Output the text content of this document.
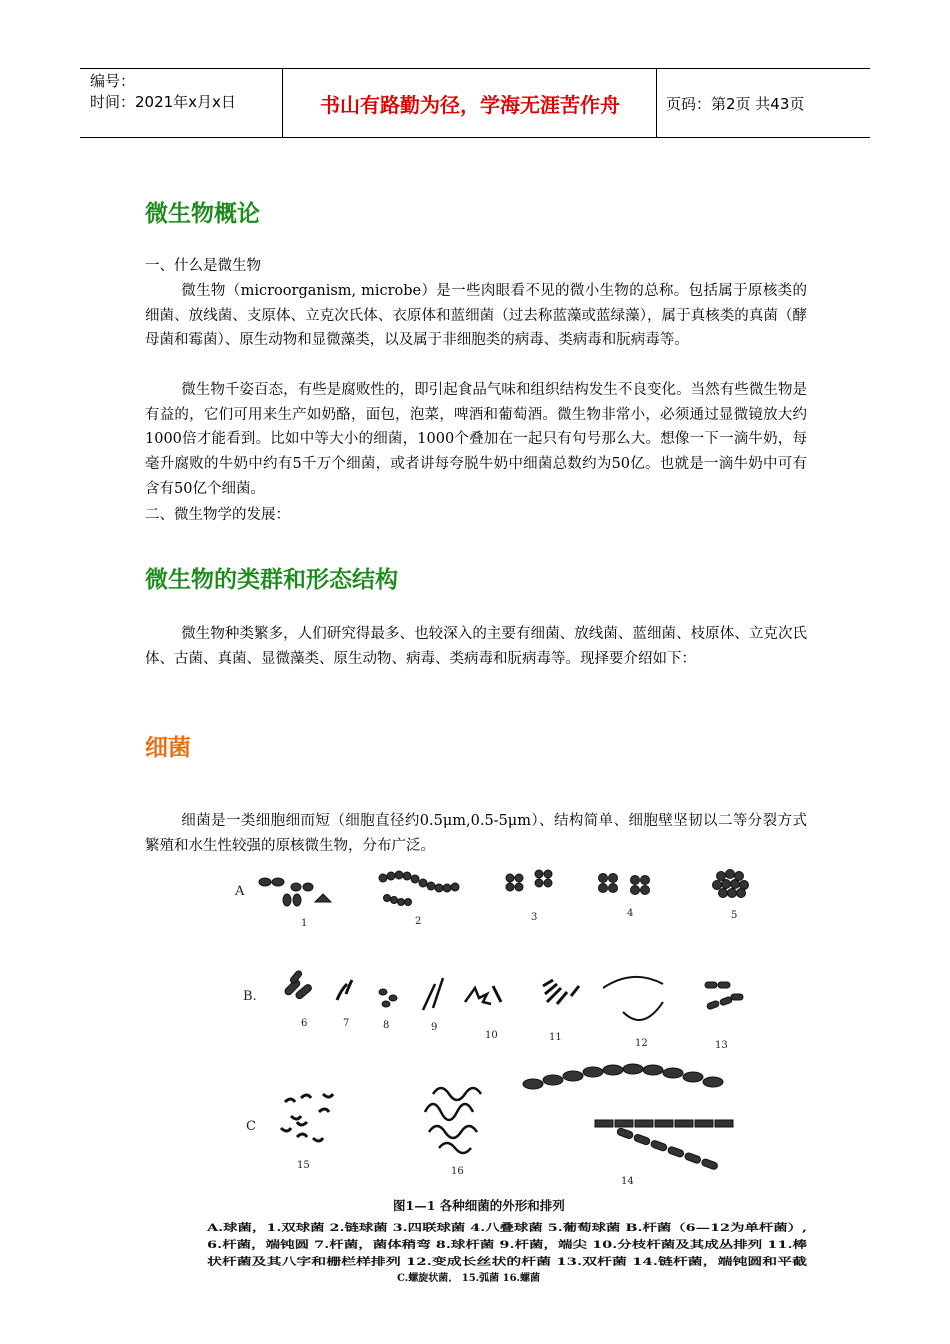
编号：
时间：2021年x月x日	书山有路勤为径，学海无涯苦作舟	页码：第2页 共43页
微生物概论
一、什么是微生物
微生物（microorganism, microbe）是一些肉眼看不见的微小生物的总称。包括属于原核类的细菌、放线菌、支原体、立克次氏体、衣原体和蓝细菌（过去称蓝藻或蓝绿藻），属于真核类的真菌（酵母菌和霉菌）、原生动物和显微藻类，以及属于非细胞类的病毒、类病毒和朊病毒等。
微生物千姿百态，有些是腐败性的，即引起食品气味和组织结构发生不良变化。当然有些微生物是有益的，它们可用来生产如奶酪，面包，泡菜，啤酒和葡萄酒。微生物非常小，必须通过显微镜放大约1000倍才能看到。比如中等大小的细菌，1000个叠加在一起只有句号那么大。想像一下一滴牛奶，每毫升腐败的牛奶中约有5千万个细菌，或者讲每夸脱牛奶中细菌总数约为50亿。也就是一滴牛奶中可有含有50亿个细菌。
二、微生物学的发展：
微生物的类群和形态结构
微生物种类繁多，人们研究得最多、也较深入的主要有细菌、放线菌、蓝细菌、枝原体、立克次氏体、古菌、真菌、显微藻类、原生动物、病毒、类病毒和朊病毒等。现择要介绍如下：
细菌
细菌是一类细胞细而短（细胞直径约0.5μm,0.5-5μm）、结构简单、细胞壁坚韧以二等分裂方式繁殖和水生性较强的原核微生物，分布广泛。
A
B.
C
1	2	3	4	5
6	7	8	9
10	11
12	13
14
15
16
图1—1 各种细菌的外形和排列
A.球菌，1.双球菌 2.链球菌 3.四联球菌 4.八叠球菌 5.葡萄球菌 B.杆菌（6—12为单杆菌）,
6.杆菌，端钝圆 7.杆菌，菌体稍弯 8.球杆菌 9.杆菌，端尖 10.分枝杆菌及其成丛排列 11.棒
状杆菌及其八字和栅栏样排列 12.变成长丝状的杆菌 13.双杆菌 14.链杆菌，端钝圆和平截
C.螺旋状菌， 15.弧菌 16.螺菌
